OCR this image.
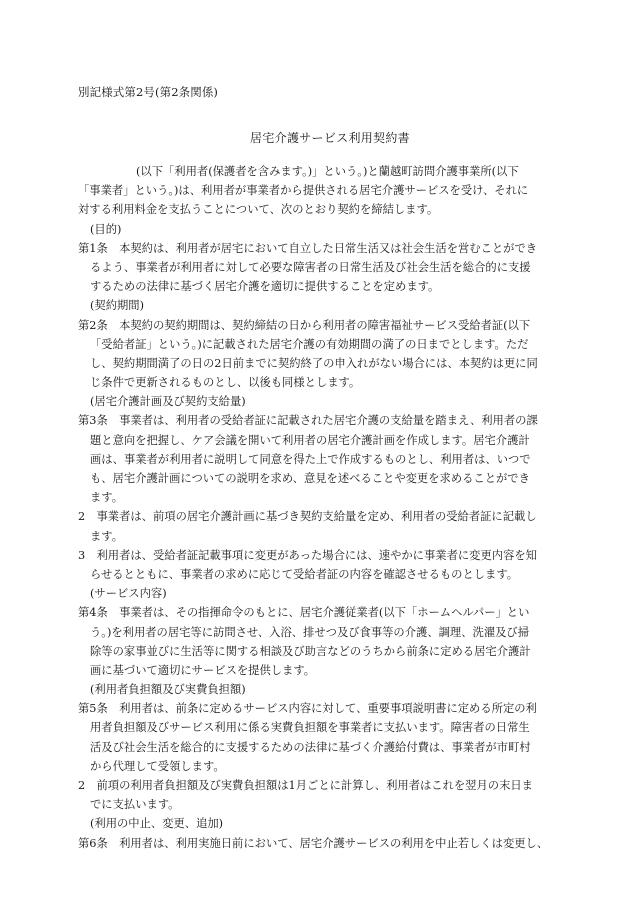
別記様式第2号(第2条関係)
居宅介護サービス利用契約書
(以下「利用者(保護者を含みます。)」という。)と蘭越町訪問介護事業所(以下
「事業者」という。)は、利用者が事業者から提供される居宅介護サービスを受け、それに
対する利用料金を支払うことについて、次のとおり契約を締結します。
(目的)
第1条　本契約は、利用者が居宅において自立した日常生活又は社会生活を営むことができ
るよう、事業者が利用者に対して必要な障害者の日常生活及び社会生活を総合的に支援
するための法律に基づく居宅介護を適切に提供することを定めます。
(契約期間)
第2条　本契約の契約期間は、契約締結の日から利用者の障害福祉サービス受給者証(以下
「受給者証」という。)に記載された居宅介護の有効期間の満了の日までとします。ただ
し、契約期間満了の日の2日前までに契約終了の申入れがない場合には、本契約は更に同
じ条件で更新されるものとし、以後も同様とします。
(居宅介護計画及び契約支給量)
第3条　事業者は、利用者の受給者証に記載された居宅介護の支給量を踏まえ、利用者の課
題と意向を把握し、ケア会議を開いて利用者の居宅介護計画を作成します。居宅介護計
画は、事業者が利用者に説明して同意を得た上で作成するものとし、利用者は、いつで
も、居宅介護計画についての説明を求め、意見を述べることや変更を求めることができ
ます。
2　事業者は、前項の居宅介護計画に基づき契約支給量を定め、利用者の受給者証に記載し
ます。
3　利用者は、受給者証記載事項に変更があった場合には、速やかに事業者に変更内容を知
らせるとともに、事業者の求めに応じて受給者証の内容を確認させるものとします。
(サービス内容)
第4条　事業者は、その指揮命令のもとに、居宅介護従業者(以下「ホームヘルパー」とい
う。)を利用者の居宅等に訪問させ、入浴、排せつ及び食事等の介護、調理、洗濯及び掃
除等の家事並びに生活等に関する相談及び助言などのうちから前条に定める居宅介護計
画に基づいて適切にサービスを提供します。
(利用者負担額及び実費負担額)
第5条　利用者は、前条に定めるサービス内容に対して、重要事項説明書に定める所定の利
用者負担額及びサービス利用に係る実費負担額を事業者に支払います。障害者の日常生
活及び社会生活を総合的に支援するための法律に基づく介護給付費は、事業者が市町村
から代理して受領します。
2　前項の利用者負担額及び実費負担額は1月ごとに計算し、利用者はこれを翌月の末日ま
でに支払います。
(利用の中止、変更、追加)
第6条　利用者は、利用実施日前において、居宅介護サービスの利用を中止若しくは変更し、
